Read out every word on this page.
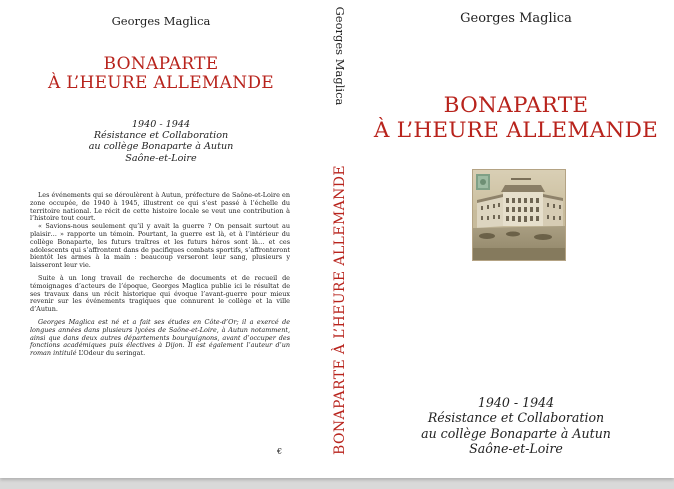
Georges Maglica
BONAPARTE
À L’HEURE ALLEMANDE
1940 - 1944
Résistance et Collaboration
au collège Bonaparte à Autun
Saône-et-Loire

Les événements qui se déroulèrent à Autun, préfecture de Saône-et-Loire en zone occupée, de 1940 à 1945, illustrent ce qui s’est passé à l’échelle du territoire national. Le récit de cette histoire locale se veut une contribution à l’histoire tout court.

« Savions-nous seulement qu’il y avait la guerre ? On pensait surtout au plaisir… » rapporte un témoin. Pourtant, la guerre est là, et à l’intérieur du collège Bonaparte, les futurs traîtres et les futurs héros sont là… et ces adolescents qui s’affrontent dans de pacifiques combats sportifs, s’affronteront bientôt les armes à la main : beaucoup verseront leur sang, plusieurs y laisseront leur vie.

Suite à un long travail de recherche de documents et de recueil de témoignages d’acteurs de l’époque, Georges Maglica publie ici le résultat de ses travaux dans un récit historique qui évoque l’avant-guerre pour mieux revenir sur les événements tragiques que connurent le collège et la ville d’Autun.

Georges Maglica est né et a fait ses études en Côte-d’Or; il a exercé de longues années dans plusieurs lycées de Saône-et-Loire, à Autun notamment, ainsi que dans deux autres départements bourguignons, avant d’occuper des fonctions académiques puis électives à Dijon. Il est également l’auteur d’un roman intitulé L’Odeur du seringat.

€
Georges Maglica
BONAPARTE À L’HEURE ALLEMANDE
Georges Maglica
BONAPARTE
À L’HEURE ALLEMANDE
1940 - 1944
Résistance et Collaboration
au collège Bonaparte à Autun
Saône-et-Loire
